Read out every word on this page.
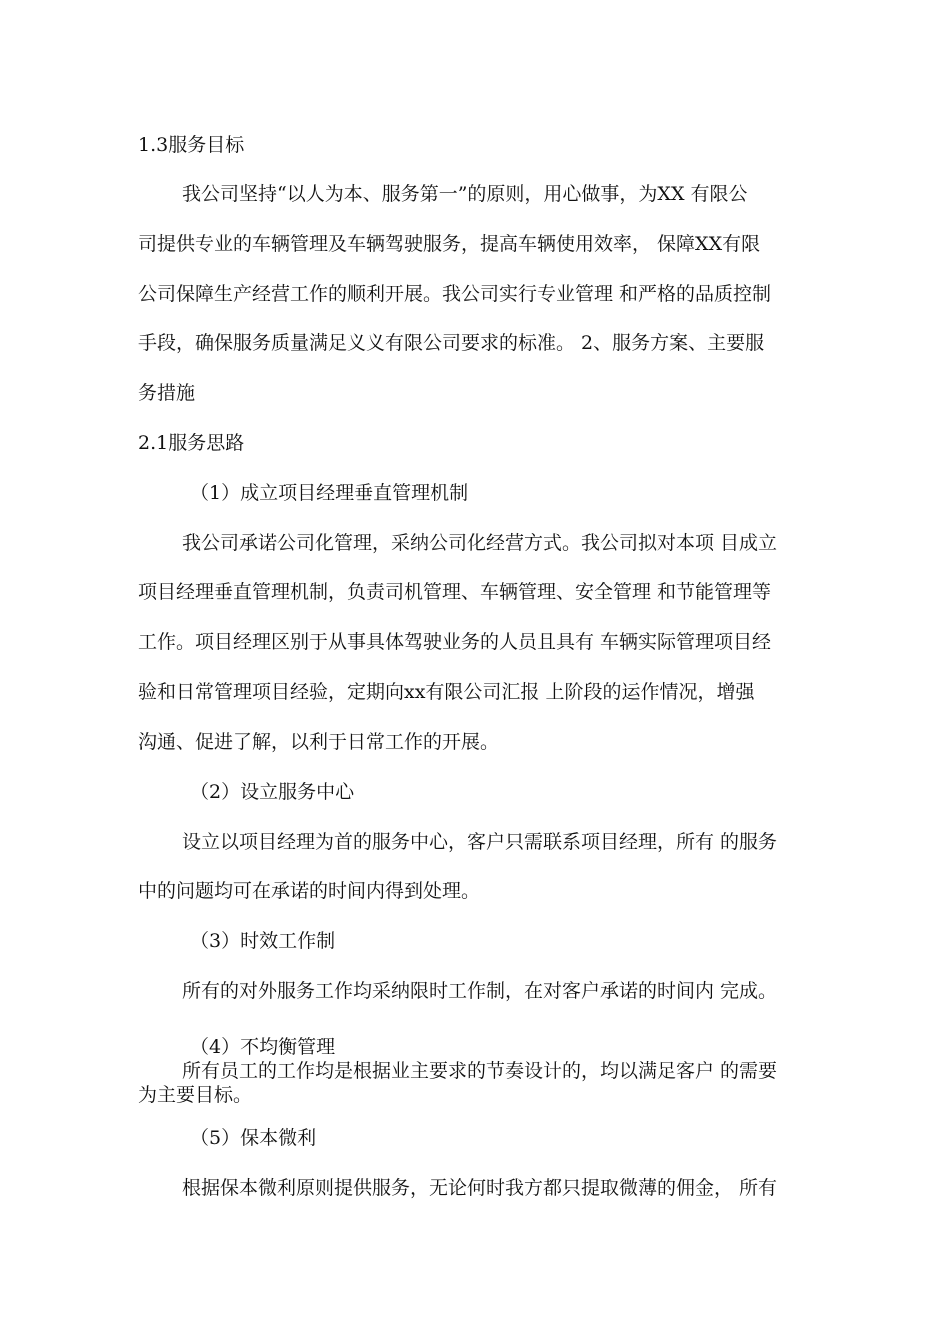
1.3服务目标
我公司坚持“以人为本、服务第一”的原则，用心做事，为XX 有限公
司提供专业的车辆管理及车辆驾驶服务，提高车辆使用效率， 保障XX有限
公司保障生产经营工作的顺利开展。我公司实行专业管理 和严格的品质控制
手段，确保服务质量满足义义有限公司要求的标准。 2、服务方案、主要服
务措施
2.1服务思路
（1）成立项目经理垂直管理机制
我公司承诺公司化管理，采纳公司化经营方式。我公司拟对本项 目成立
项目经理垂直管理机制，负责司机管理、车辆管理、安全管理 和节能管理等
工作。项目经理区别于从事具体驾驶业务的人员且具有 车辆实际管理项目经
验和日常管理项目经验，定期向xx有限公司汇报 上阶段的运作情况，增强
沟通、促进了解，以利于日常工作的开展。
（2）设立服务中心
设立以项目经理为首的服务中心，客户只需联系项目经理，所有 的服务
中的问题均可在承诺的时间内得到处理。
（3）时效工作制
所有的对外服务工作均采纳限时工作制，在对客户承诺的时间内 完成。
（4）不均衡管理
所有员工的工作均是根据业主要求的节奏设计的，均以满足客户 的需要
为主要目标。
（5）保本微利
根据保本微利原则提供服务，无论何时我方都只提取微薄的佣金， 所有
